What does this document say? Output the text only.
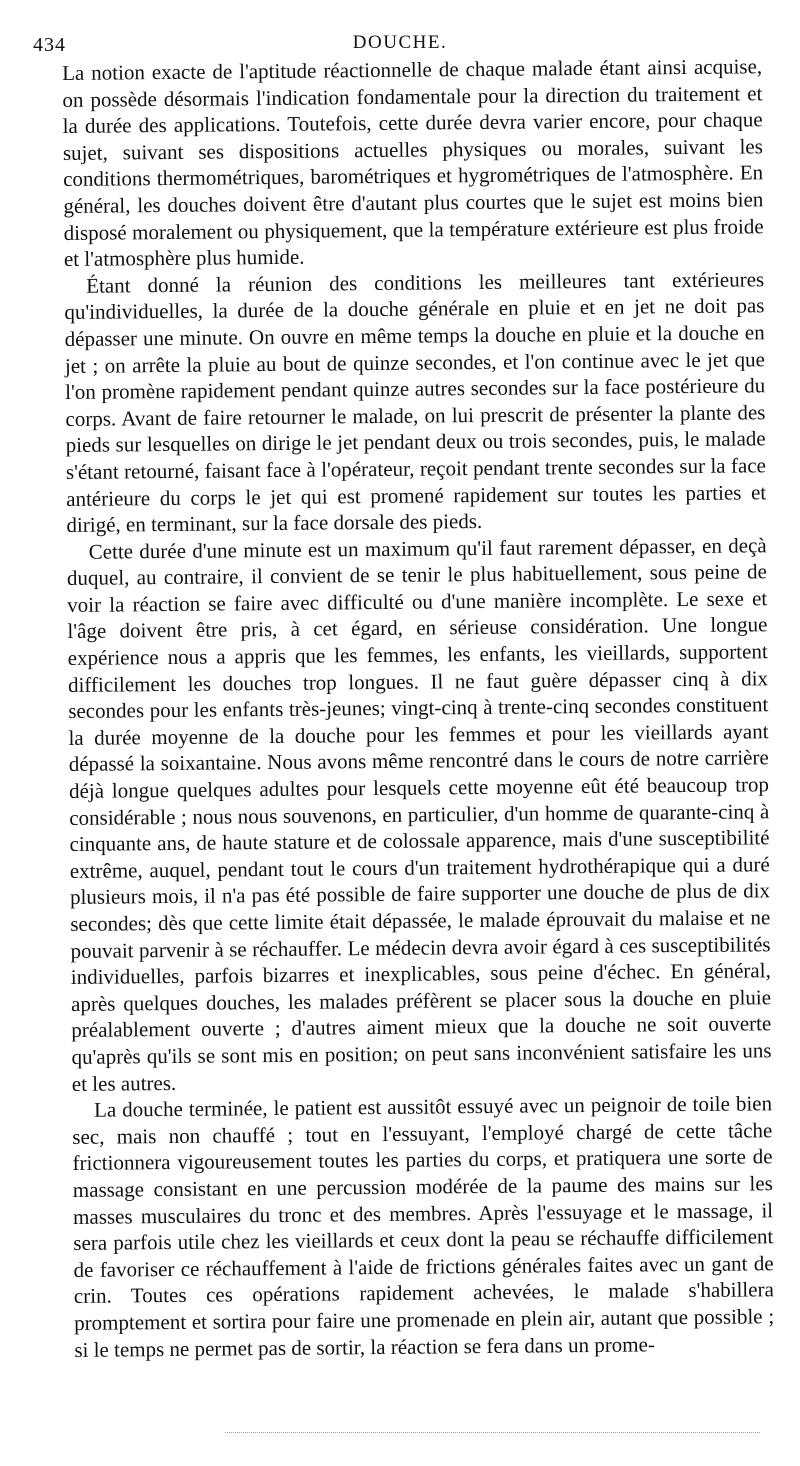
434	DOUCHE.

La notion exacte de l'aptitude réactionnelle de chaque malade étant ainsi acquise, on possède désormais l'indication fondamentale pour la direction du traitement et la durée des applications. Toutefois, cette durée devra varier encore, pour chaque sujet, suivant ses dispositions actuelles physiques ou morales, suivant les conditions thermométriques, barométriques et hygrométriques de l'atmosphère. En général, les douches doivent être d'autant plus courtes que le sujet est moins bien disposé moralement ou physiquement, que la température extérieure est plus froide et l'atmosphère plus humide.

Étant donné la réunion des conditions les meilleures tant extérieures qu'individuelles, la durée de la douche générale en pluie et en jet ne doit pas dépasser une minute. On ouvre en même temps la douche en pluie et la douche en jet ; on arrête la pluie au bout de quinze secondes, et l'on continue avec le jet que l'on promène rapidement pendant quinze autres secondes sur la face postérieure du corps. Avant de faire retourner le malade, on lui prescrit de présenter la plante des pieds sur lesquelles on dirige le jet pendant deux ou trois secondes, puis, le malade s'étant retourné, faisant face à l'opérateur, reçoit pendant trente secondes sur la face antérieure du corps le jet qui est promené rapidement sur toutes les parties et dirigé, en terminant, sur la face dorsale des pieds.

Cette durée d'une minute est un maximum qu'il faut rarement dépasser, en deçà duquel, au contraire, il convient de se tenir le plus habituellement, sous peine de voir la réaction se faire avec difficulté ou d'une manière incomplète. Le sexe et l'âge doivent être pris, à cet égard, en sérieuse considération. Une longue expérience nous a appris que les femmes, les enfants, les vieillards, supportent difficilement les douches trop longues. Il ne faut guère dépasser cinq à dix secondes pour les enfants très-jeunes; vingt-cinq à trente-cinq secondes constituent la durée moyenne de la douche pour les femmes et pour les vieillards ayant dépassé la soixantaine. Nous avons même rencontré dans le cours de notre carrière déjà longue quelques adultes pour lesquels cette moyenne eût été beaucoup trop considérable ; nous nous souvenons, en particulier, d'un homme de quarante-cinq à cinquante ans, de haute stature et de colossale apparence, mais d'une susceptibilité extrême, auquel, pendant tout le cours d'un traitement hydrothérapique qui a duré plusieurs mois, il n'a pas été possible de faire supporter une douche de plus de dix secondes; dès que cette limite était dépassée, le malade éprouvait du malaise et ne pouvait parvenir à se réchauffer. Le médecin devra avoir égard à ces susceptibilités individuelles, parfois bizarres et inexplicables, sous peine d'échec. En général, après quelques douches, les malades préfèrent se placer sous la douche en pluie préalablement ouverte ; d'autres aiment mieux que la douche ne soit ouverte qu'après qu'ils se sont mis en position; on peut sans inconvénient satisfaire les uns et les autres.

La douche terminée, le patient est aussitôt essuyé avec un peignoir de toile bien sec, mais non chauffé ; tout en l'essuyant, l'employé chargé de cette tâche frictionnera vigoureusement toutes les parties du corps, et pratiquera une sorte de massage consistant en une percussion modérée de la paume des mains sur les masses musculaires du tronc et des membres. Après l'essuyage et le massage, il sera parfois utile chez les vieillards et ceux dont la peau se réchauffe difficilement de favoriser ce réchauffement à l'aide de frictions générales faites avec un gant de crin. Toutes ces opérations rapidement achevées, le malade s'habillera promptement et sortira pour faire une promenade en plein air, autant que possible ; si le temps ne permet pas de sortir, la réaction se fera dans un prome-
